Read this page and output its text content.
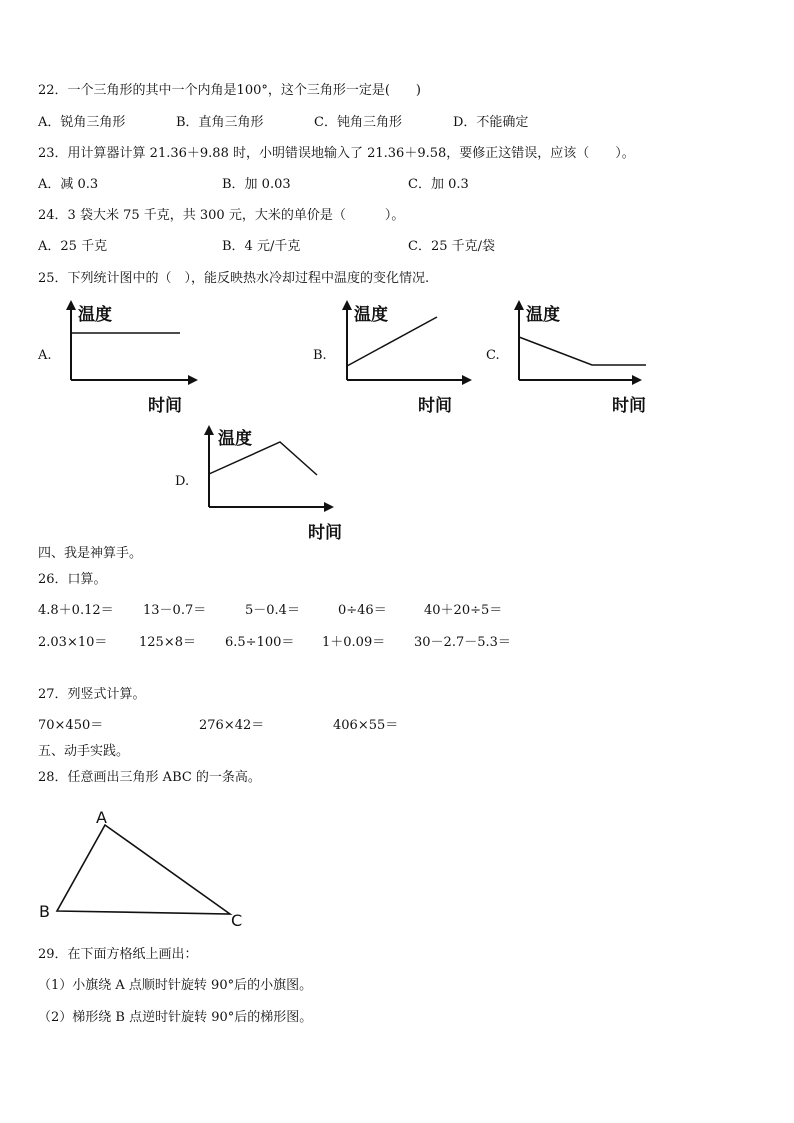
22．一个三角形的其中一个内角是100°，这个三角形一定是(　　)
A．锐角三角形	B．直角三角形	C．钝角三角形	D．不能确定
23．用计算器计算 21.36＋9.88 时，小明错误地输入了 21.36＋9.58，要修正这错误，应该（　　）。
A．减 0.3	B．加 0.03	C．加 0.3
24．3 袋大米 75 千克，共 300 元，大米的单价是（　　　）。
A．25 千克	B．4 元/千克	C．25 千克/袋
25．下列统计图中的（　），能反映热水冷却过程中温度的变化情况.
A.
温度
时间
B.
温度
时间
C.
温度
时间
D.
温度
时间
四、我是神算手。
26．口算。
4.8＋0.12＝ 13－0.7＝	5－0.4＝	0÷46＝	40＋20÷5＝
2.03×10＝ 125×8＝ 6.5÷100＝ 1＋0.09＝ 30－2.7－5.3＝
27．列竖式计算。
70×450＝	276×42＝	406×55＝
五、动手实践。
28．任意画出三角形 ABC 的一条高。
A
B	C
29．在下面方格纸上画出：
（1）小旗绕 A 点顺时针旋转 90°后的小旗图。
（2）梯形绕 B 点逆时针旋转 90°后的梯形图。
